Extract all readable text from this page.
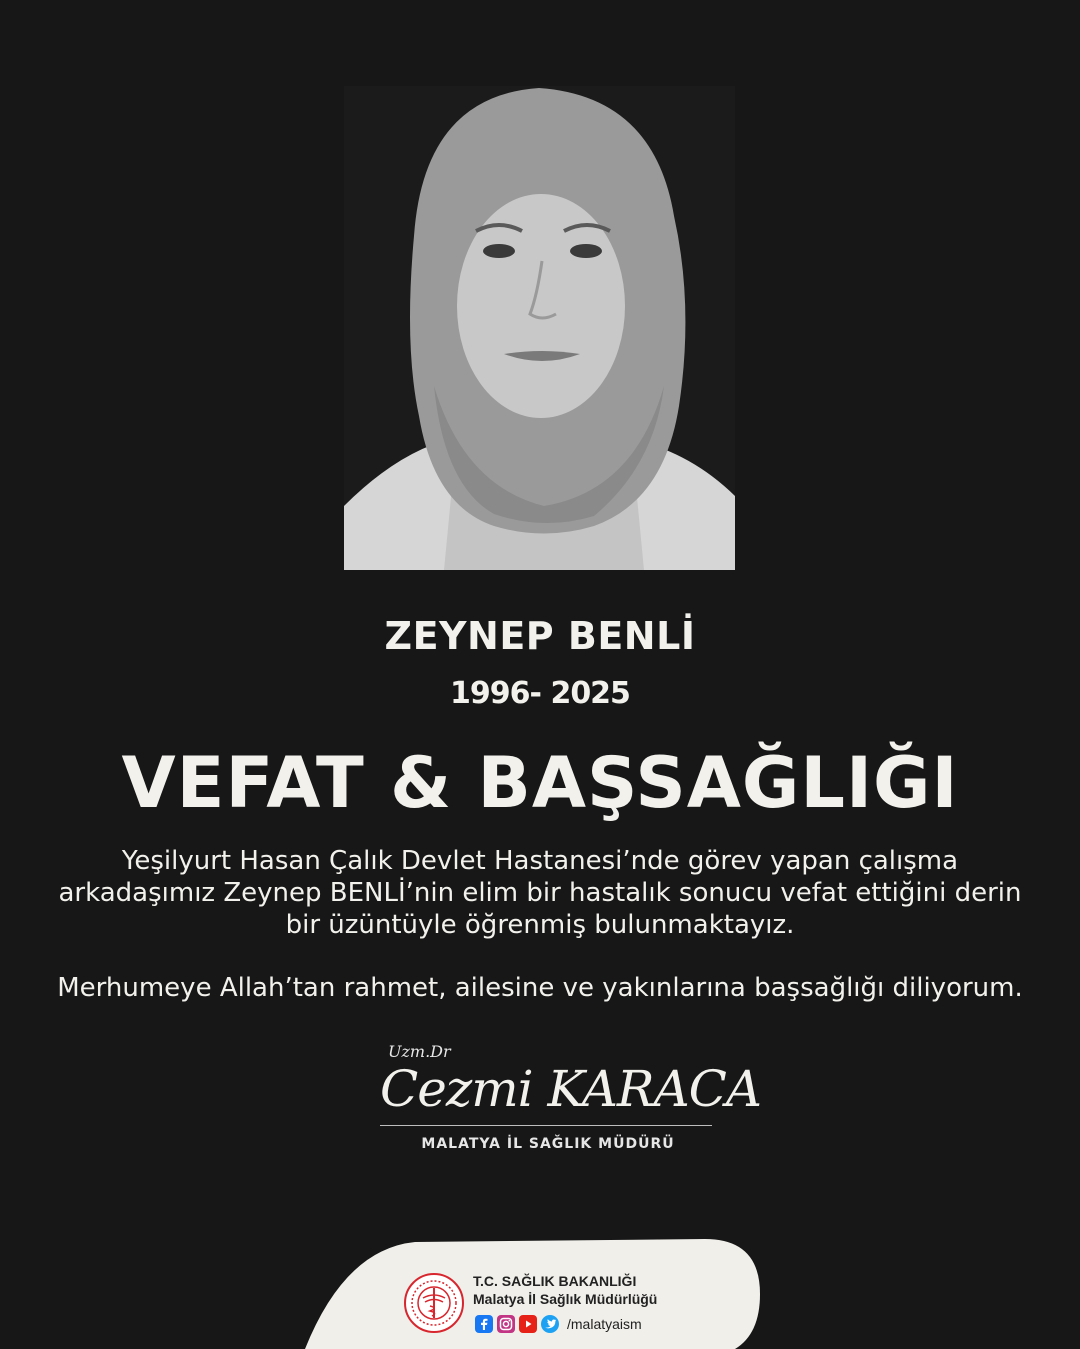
ZEYNEP BENLİ
1996- 2025
VEFAT & BAŞSAĞLIĞI

Yeşilyurt Hasan Çalık Devlet Hastanesi’nde görev yapan çalışma arkadaşımız Zeynep BENLİ’nin elim bir hastalık sonucu vefat ettiğini derin bir üzüntüyle öğrenmiş bulunmaktayız.

Merhumeye Allah’tan rahmet, ailesine ve yakınlarına başsağlığı diliyorum.

Uzm.Dr
Cezmi KARACA
MALATYA İL SAĞLIK MÜDÜRÜ
T.C. SAĞLIK BAKANLIĞI
Malatya İl Sağlık Müdürlüğü
/malatyaism
